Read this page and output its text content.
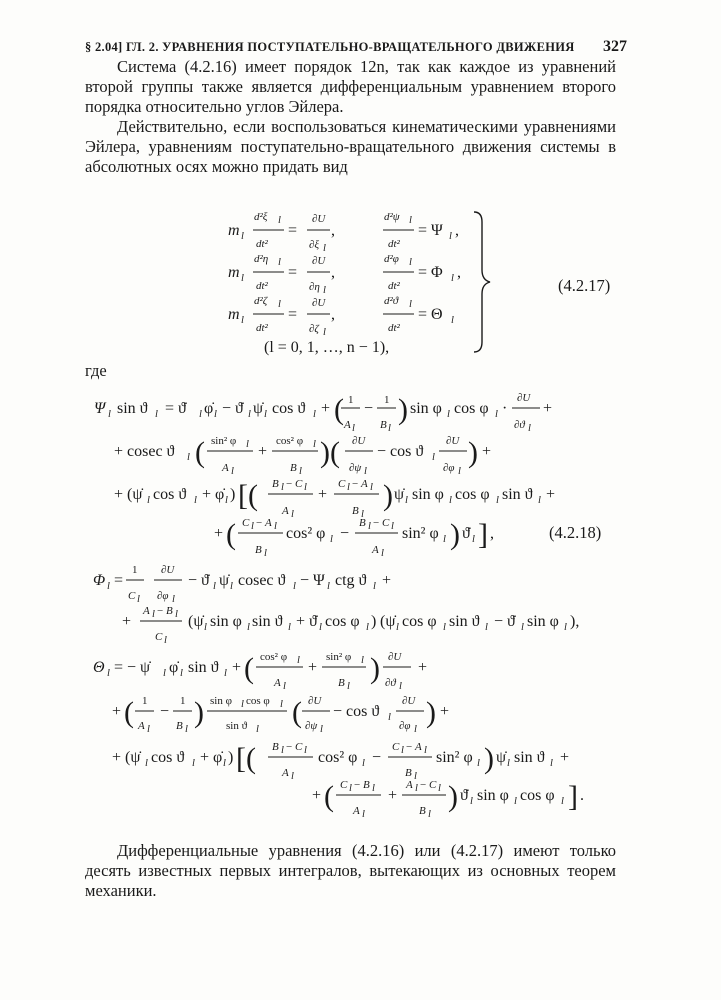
§ 2.04] ГЛ. 2. УРАВНЕНИЯ ПОСТУПАТЕЛЬНО-ВРАЩАТЕЛЬНОГО ДВИЖЕНИЯ 327
Система (4.2.16) имеет порядок 12n, так как каждое из уравнений второй группы также является дифференциальным уравнением второго порядка относительно углов Эйлера.
Действительно, если воспользоваться кинематическими уравнениями Эйлера, уравнениям поступательно-вращательного движения системы в абсолютных осях можно придать вид
(4.2.17)
где
(4.2.18)
Дифференциальные уравнения (4.2.16) или (4.2.17) имеют только десять известных первых интегралов, вытекающих из основных теорем механики.
m l
d²ξ l
dt²
=
∂U
∂ξ l
,
d²ψ l
dt²
= Ψ l ,
m l
d²η l
dt²
=
∂U
∂η l
,
d²φ l
dt²
= Φ l ,
m l
d²ζ l
dt²
=
∂U
∂ζ l
,
d²ϑ l
dt²
= Θ l
(l = 0, 1, …, n − 1),
Ψ l sin ϑ l = ϑ̇ l φ̇ l − ϑ̇ l ψ̇ l cos ϑ l + ( 1
A l
− 1
B l
) sin φ l cos φ l ·
∂U
∂ϑ l
+
+ cosec ϑ l ( sin² φ l
A l
+
cos² φ l
B l
)( ∂U
∂ψ l
− cos ϑ l
∂U
∂φ l
) +
+ (ψ̇ l cos ϑ l + φ̇ l ) [( B l − C l
A l
+
C l − A l
B l
) ψ̇ l sin φ l cos φ l sin ϑ l +
+ ( C l − A l
B l
cos² φ l −
B l − C l
A l
sin² φ l ) ϑ̇ l ] ,
Φ l =
1
C l
∂U
∂φ l
− ϑ̇ l ψ̇ l cosec ϑ l − Ψ l ctg ϑ l +
+
A l − B l
C l
(ψ̇ l sin φ l sin ϑ l + ϑ̇ l cos φ l ) (ψ̇ l cos φ l sin ϑ l − ϑ̇ l sin φ l ),
Θ l = − ψ̇ l φ̇ l sin ϑ l + ( cos² φ l
A l
+
sin² φ l
B l
) ∂U
∂ϑ l
+
+ ( 1
A l
−
1
B l
) sin φ l cos φ l
sin ϑ l
( ∂U
∂ψ l
− cos ϑ l
∂U
∂φ l
) +
+ (ψ̇ l cos ϑ l + φ̇ l ) [( B l − C l
A l
cos² φ l −
C l − A l
B l
sin² φ l ) ψ̇ l sin ϑ l +
+ ( C l − B l
A l
+
A l − C l
B l
) ϑ̇ l sin φ l cos φ l ] .
